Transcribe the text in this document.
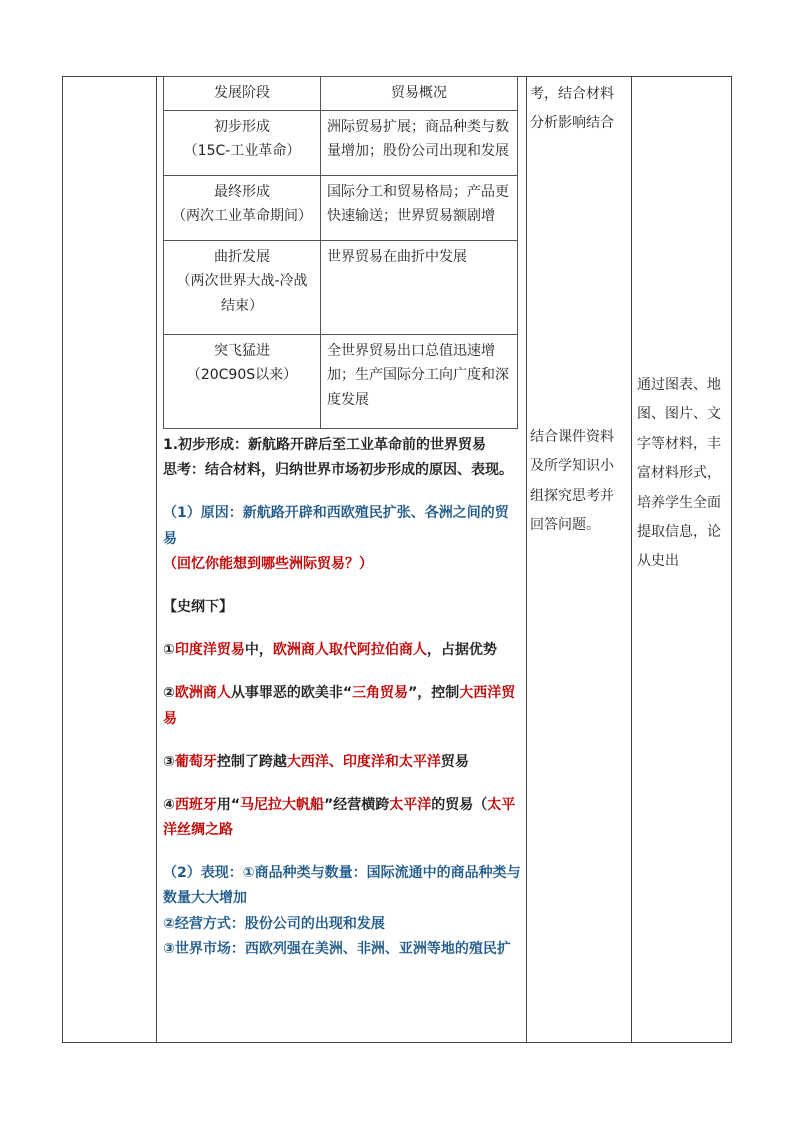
发展阶段	贸易概况

初步形成
（15C-工业革命）	洲际贸易扩展；商品种类与数量增加；股份公司出现和发展

最终形成
（两次工业革命期间）	国际分工和贸易格局；产品更快速输送；世界贸易额剧增

曲折发展
（两次世界大战-冷战结束）	世界贸易在曲折中发展

突飞猛进
（20C90S以来）	全世界贸易出口总值迅速增加；生产国际分工向广度和深度发展

1.初步形成：新航路开辟后至工业革命前的世界贸易

思考：结合材料，归纳世界市场初步形成的原因、表现。

（1）原因：新航路开辟和西欧殖民扩张、各洲之间的贸易

（回忆你能想到哪些洲际贸易？）

【史纲下】

①印度洋贸易中，欧洲商人取代阿拉伯商人，占据优势

②欧洲商人从事罪恶的欧美非“三角贸易”，控制大西洋贸易

③葡萄牙控制了跨越大西洋、印度洋和太平洋贸易

④西班牙用“马尼拉大帆船”经营横跨太平洋的贸易（太平洋丝绸之路

（2）表现：①商品种类与数量：国际流通中的商品种类与数量大大增加

②经营方式：股份公司的出现和发展

③世界市场：西欧列强在美洲、非洲、亚洲等地的殖民扩

考，结合材料分析影响结合
结合课件资料及所学知识小组探究思考并回答问题。
通过图表、地图、图片、文字等材料，丰富材料形式，培养学生全面提取信息，论从史出
